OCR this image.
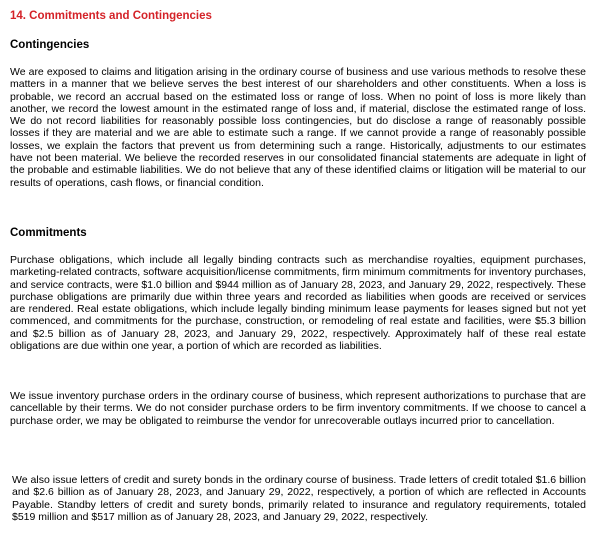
14. Commitments and Contingencies
Contingencies

We are exposed to claims and litigation arising in the ordinary course of business and use various methods to resolve these matters in a manner that we believe serves the best interest of our shareholders and other constituents. When a loss is probable, we record an accrual based on the estimated loss or range of loss. When no point of loss is more likely than another, we record the lowest amount in the estimated range of loss and, if material, disclose the estimated range of loss. We do not record liabilities for reasonably possible loss contingencies, but do disclose a range of reasonably possible losses if they are material and we are able to estimate such a range. If we cannot provide a range of reasonably possible losses, we explain the factors that prevent us from determining such a range. Historically, adjustments to our estimates have not been material. We believe the recorded reserves in our consolidated financial statements are adequate in light of the probable and estimable liabilities. We do not believe that any of these identified claims or litigation will be material to our results of operations, cash flows, or financial condition.

Commitments

Purchase obligations, which include all legally binding contracts such as merchandise royalties, equipment purchases, marketing-related contracts, software acquisition/license commitments, firm minimum commitments for inventory purchases, and service contracts, were $1.0 billion and $944 million as of January 28, 2023, and January 29, 2022, respectively. These purchase obligations are primarily due within three years and recorded as liabilities when goods are received or services are rendered. Real estate obligations, which include legally binding minimum lease payments for leases signed but not yet commenced, and commitments for the purchase, construction, or remodeling of real estate and facilities, were $5.3 billion and $2.5 billion as of January 28, 2023, and January 29, 2022, respectively. Approximately half of these real estate obligations are due within one year, a portion of which are recorded as liabilities.

We issue inventory purchase orders in the ordinary course of business, which represent authorizations to purchase that are cancellable by their terms. We do not consider purchase orders to be firm inventory commitments. If we choose to cancel a purchase order, we may be obligated to reimburse the vendor for unrecoverable outlays incurred prior to cancellation.

We also issue letters of credit and surety bonds in the ordinary course of business. Trade letters of credit totaled $1.6 billion and $2.6 billion as of January 28, 2023, and January 29, 2022, respectively, a portion of which are reflected in Accounts Payable. Standby letters of credit and surety bonds, primarily related to insurance and regulatory requirements, totaled $519 million and $517 million as of January 28, 2023, and January 29, 2022, respectively.
